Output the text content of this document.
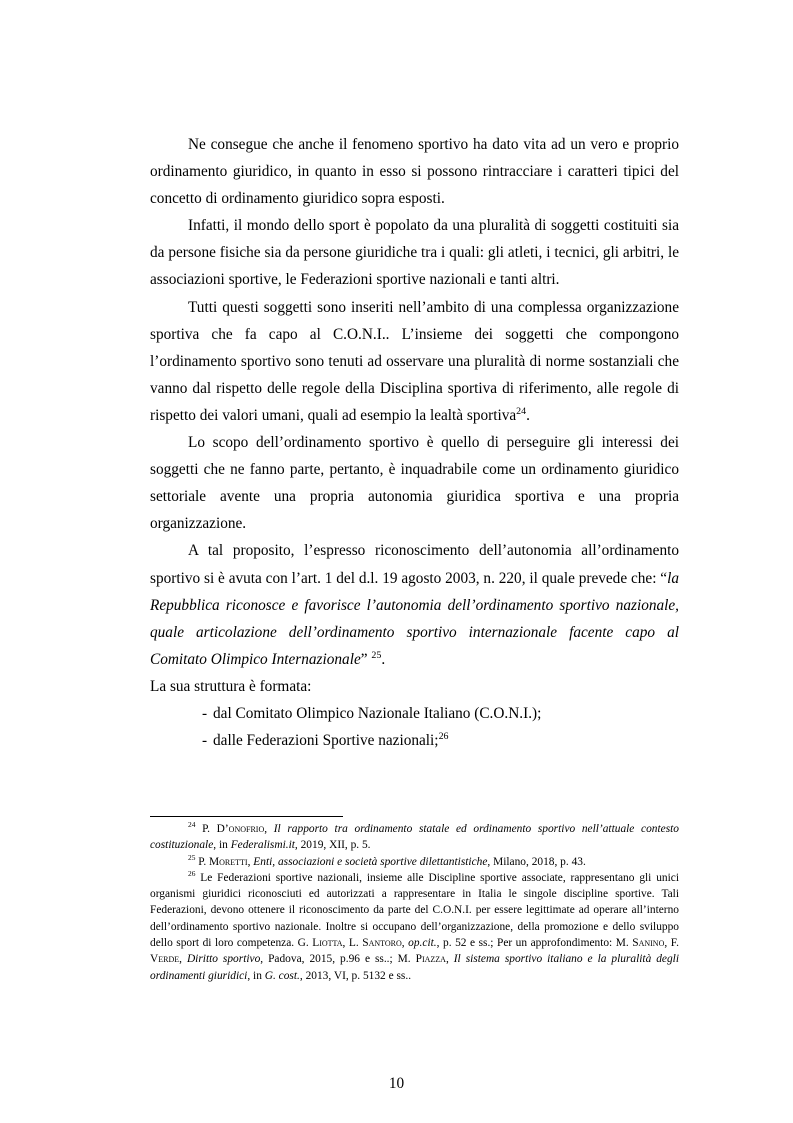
Ne consegue che anche il fenomeno sportivo ha dato vita ad un vero e proprio ordinamento giuridico, in quanto in esso si possono rintracciare i caratteri tipici del concetto di ordinamento giuridico sopra esposti.

Infatti, il mondo dello sport è popolato da una pluralità di soggetti costituiti sia da persone fisiche sia da persone giuridiche tra i quali: gli atleti, i tecnici, gli arbitri, le associazioni sportive, le Federazioni sportive nazionali e tanti altri.

Tutti questi soggetti sono inseriti nell’ambito di una complessa organizzazione sportiva che fa capo al C.O.N.I.. L’insieme dei soggetti che compongono l’ordinamento sportivo sono tenuti ad osservare una pluralità di norme sostanziali che vanno dal rispetto delle regole della Disciplina sportiva di riferimento, alle regole di rispetto dei valori umani, quali ad esempio la lealtà sportiva$^{24}$.

Lo scopo dell’ordinamento sportivo è quello di perseguire gli interessi dei soggetti che ne fanno parte, pertanto, è inquadrabile come un ordinamento giuridico settoriale avente una propria autonomia giuridica sportiva e una propria organizzazione.

A tal proposito, l’espresso riconoscimento dell’autonomia all’ordinamento sportivo si è avuta con l’art. 1 del d.l. 19 agosto 2003, n. 220, il quale prevede che: “la Repubblica riconosce e favorisce l’autonomia dell’ordinamento sportivo nazionale, quale articolazione dell’ordinamento sportivo internazionale facente capo al Comitato Olimpico Internazionale” $^{25}$.

La sua struttura è formata:

- dal Comitato Olimpico Nazionale Italiano (C.O.N.I.);
- dalle Federazioni Sportive nazionali;$^{26}$

$^{24}$ P. D’onofrio, Il rapporto tra ordinamento statale ed ordinamento sportivo nell’attuale contesto costituzionale, in Federalismi.it, 2019, XII, p. 5.

$^{25}$ P. Moretti, Enti, associazioni e società sportive dilettantistiche, Milano, 2018, p. 43.

$^{26}$ Le Federazioni sportive nazionali, insieme alle Discipline sportive associate, rappresentano gli unici organismi giuridici riconosciuti ed autorizzati a rappresentare in Italia le singole discipline sportive. Tali Federazioni, devono ottenere il riconoscimento da parte del C.O.N.I. per essere legittimate ad operare all’interno dell’ordinamento sportivo nazionale. Inoltre si occupano dell’organizzazione, della promozione e dello sviluppo dello sport di loro competenza. G. Liotta, L. Santoro, op.cit., p. 52 e ss.; Per un approfondimento: M. Sanino, F. Verde, Diritto sportivo, Padova, 2015, p.96 e ss..; M. Piazza, Il sistema sportivo italiano e la pluralità degli ordinamenti giuridici, in G. cost., 2013, VI, p. 5132 e ss..

10
